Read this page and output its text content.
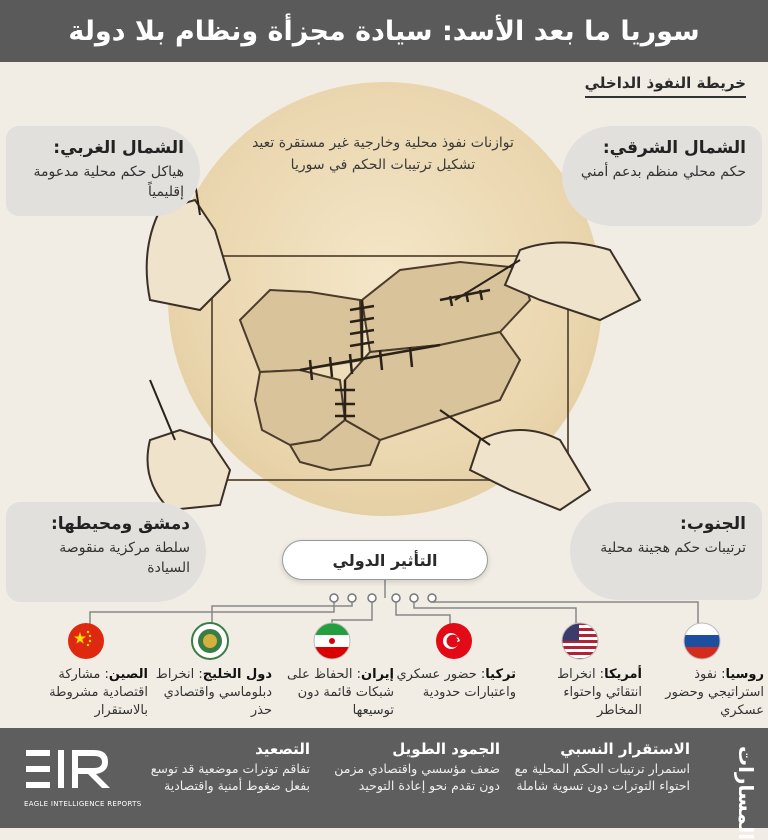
سوريا ما بعد الأسد: سيادة مجزأة ونظام بلا دولة
خريطة النفوذ الداخلي
توازنات نفوذ محلية وخارجية غير مستقرة تعيد تشكيل ترتيبات الحكم في سوريا
الشمال الغربي:
هياكل حكم محلية مدعومة إقليمياً
الشمال الشرقي:
حكم محلي منظم بدعم أمني
دمشق ومحيطها:
سلطة مركزية منقوصة السيادة
الجنوب:
ترتيبات حكم هجينة محلية
التأثير الدولي
روسيا: نفوذ استراتيجي وحضور عسكري
أمريكا: انخراط انتقائي واحتواء المخاطر
تركيا: حضور عسكري واعتبارات حدودية
إيران: الحفاظ على شبكات قائمة دون توسيعها
دول الخليج: انخراط دبلوماسي واقتصادي حذر
الصين: مشاركة اقتصادية مشروطة بالاستقرار
المسارات
الاستقرار النسبي
استمرار ترتيبات الحكم المحلية مع احتواء التوترات دون تسوية شاملة
الجمود الطويل
ضعف مؤسسي واقتصادي مزمن دون تقدم نحو إعادة التوحيد
التصعيد
تفاقم توترات موضعية قد توسع بفعل ضغوط أمنية واقتصادية
EAGLE INTELLIGENCE REPORTS
